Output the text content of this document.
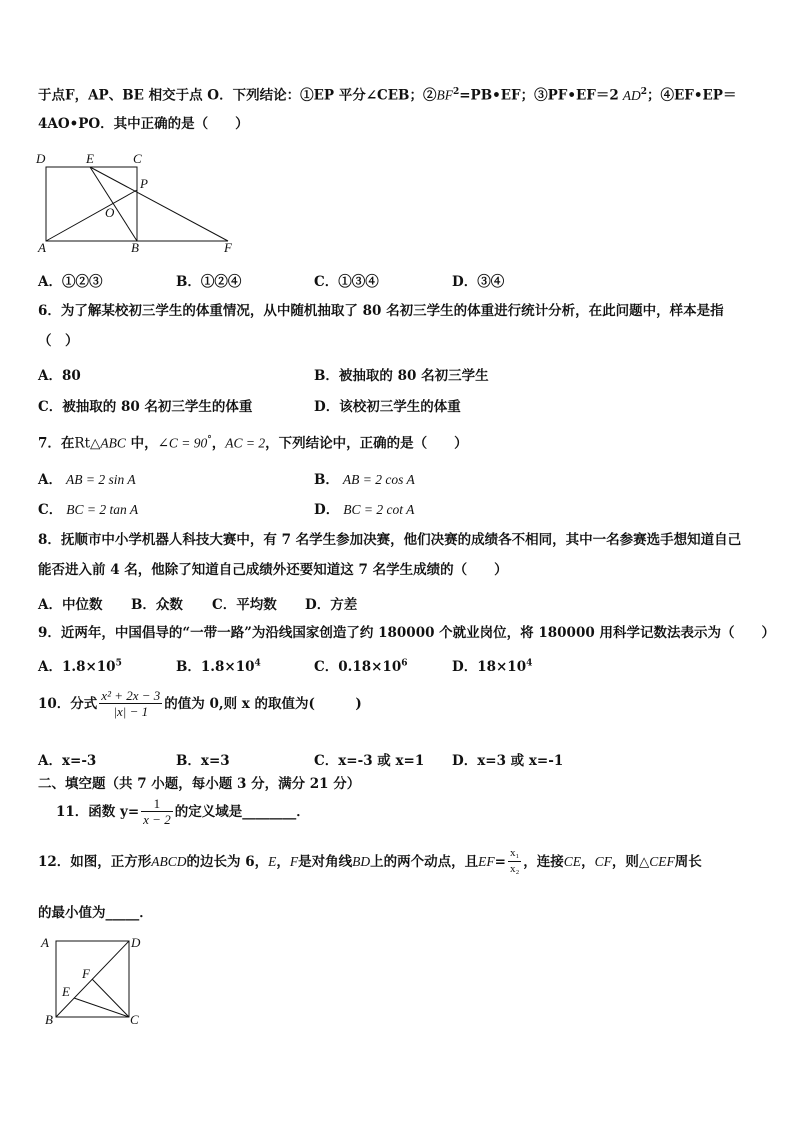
于点F，AP、BE 相交于点 O．下列结论：①EP 平分∠CEB；$②BF^2=PB•EF$；③PF•EF＝2 $AD^2$；④EF•EP＝
4AO•PO．其中正确的是（　　）
D	E	C
P
O
A	B	F
A．①②③	B．①②④	C．①③④	D．③④
6．为了解某校初三学生的体重情况，从中随机抽取了 80 名初三学生的体重进行统计分析，在此问题中，样本是指
（　）
A．80	B．被抽取的 80 名初三学生
C．被抽取的 80 名初三学生的体重	D．该校初三学生的体重
7．在Rt△ABC 中，∠C = 90°，AC = 2，下列结论中，正确的是（　　）
A． AB = 2 sin A	B． AB = 2 cos A
C． BC = 2 tan A	D． BC = 2 cot A
8．抚顺市中小学机器人科技大赛中，有 7 名学生参加决赛，他们决赛的成绩各不相同，其中一名参赛选手想知道自己
能否进入前 4 名，他除了知道自己成绩外还要知道这 7 名学生成绩的（　　）
A．中位数 B．众数 C．平均数 D．方差
9．近两年，中国倡导的“一带一路”为沿线国家创造了约 180000 个就业岗位，将 180000 用科学记数法表示为（　　）
A．$1.8\times 10^5$	B．$1.8\times 10^4$	C．$0.18\times 10^6$	D．$18\times 10^4$
10．分式 $\frac{\text{x² + 2x − 3}}{|x| - 1}$ 的值为 0,则 x 的取值为(　　　)
A．x=-3	B．x=3	C．x=-3 或 x=1 D．x=3 或 x=-1
二、填空题（共 7 小题，每小题 3 分，满分 21 分）
11．函数 $y= \frac{1}{x - 2}$ 的定义域是________．
12．如图，正方形 ABCD 的边长为 6， E ， F 是对角线 BD 上的两个动点，且 EF = $\frac{\text{x₁}}{\text{x₂}}$ ，连接 CE ， CF ，则△ CEF 周长
的最小值为_____．
A	D
F
E
B	C
